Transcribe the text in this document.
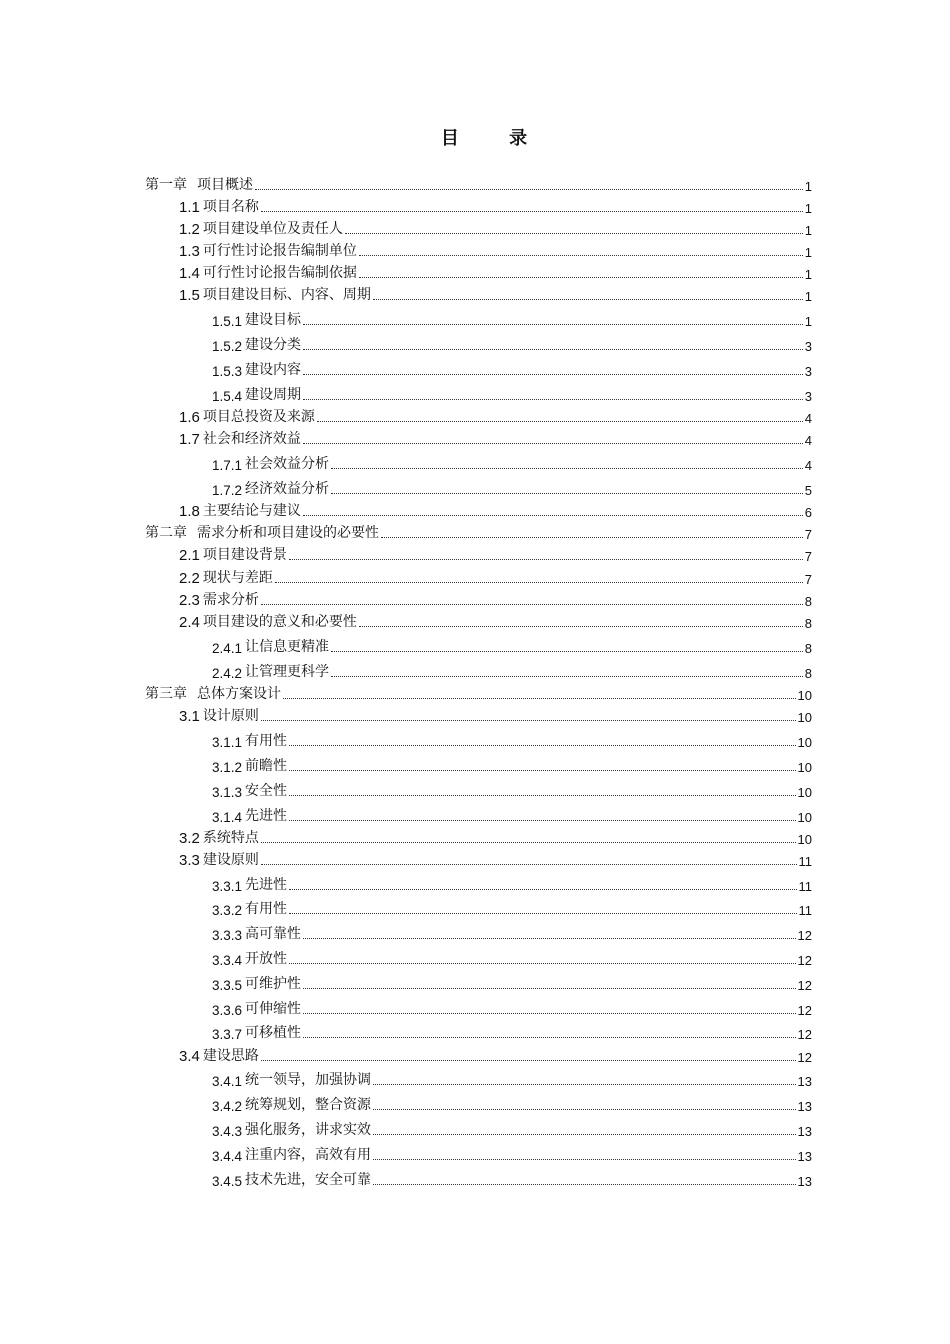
目 录
第一章 项目概述	1
1.1 项目名称	1
1.2 项目建设单位及责任人	1
1.3 可行性讨论报告编制单位	1
1.4 可行性讨论报告编制依据	1
1.5 项目建设目标、内容、周期	1
1.5.1 建设目标	1
1.5.2 建设分类	3
1.5.3 建设内容	3
1.5.4 建设周期	3
1.6 项目总投资及来源	4
1.7 社会和经济效益	4
1.7.1 社会效益分析	4
1.7.2 经济效益分析	5
1.8 主要结论与建议	6
第二章 需求分析和项目建设的必要性	7
2.1 项目建设背景	7
2.2 现状与差距	7
2.3 需求分析	8
2.4 项目建设的意义和必要性	8
2.4.1 让信息更精准	8
2.4.2 让管理更科学	8
第三章 总体方案设计	10
3.1 设计原则	10
3.1.1 有用性	10
3.1.2 前瞻性	10
3.1.3 安全性	10
3.1.4 先进性	10
3.2 系统特点	10
3.3 建设原则	11
3.3.1 先进性	11
3.3.2 有用性	11
3.3.3 高可靠性	12
3.3.4 开放性	12
3.3.5 可维护性	12
3.3.6 可伸缩性	12
3.3.7 可移植性	12
3.4 建设思路	12
3.4.1 统一领导，加强协调	13
3.4.2 统筹规划，整合资源	13
3.4.3 强化服务，讲求实效	13
3.4.4 注重内容，高效有用	13
3.4.5 技术先进，安全可靠	13
